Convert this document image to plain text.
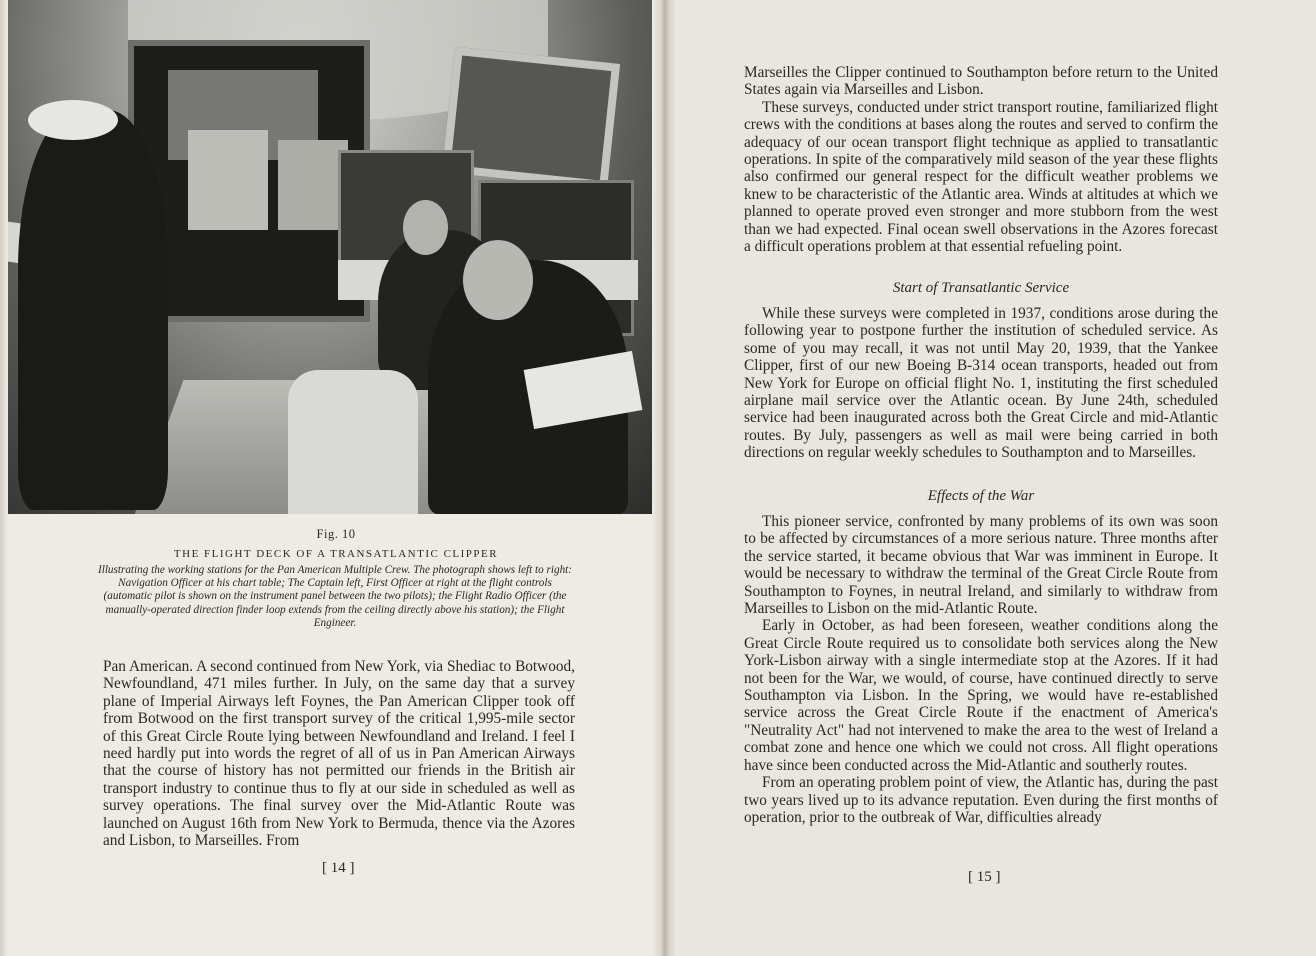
Fig. 10
THE FLIGHT DECK OF A TRANSATLANTIC CLIPPER
Illustrating the working stations for the Pan American Multiple Crew. The photograph shows left to right: Navigation Officer at his chart table; The Captain left, First Officer at right at the flight controls (automatic pilot is shown on the instrument panel between the two pilots); the Flight Radio Officer (the manually-operated direction finder loop extends from the ceiling directly above his station); the Flight Engineer.

Pan American. A second continued from New York, via Shediac to Botwood, Newfoundland, 471 miles further. In July, on the same day that a survey plane of Imperial Airways left Foynes, the Pan American Clipper took off from Botwood on the first transport survey of the critical 1,995-mile sector of this Great Circle Route lying between Newfoundland and Ireland. I feel I need hardly put into words the regret of all of us in Pan American Airways that the course of history has not permitted our friends in the British air transport industry to continue thus to fly at our side in scheduled as well as survey operations. The final survey over the Mid-Atlantic Route was launched on August 16th from New York to Bermuda, thence via the Azores and Lisbon, to Marseilles. From

[ 14 ]

Marseilles the Clipper continued to Southampton before return to the United States again via Marseilles and Lisbon.

These surveys, conducted under strict transport routine, familiarized flight crews with the conditions at bases along the routes and served to confirm the adequacy of our ocean transport flight technique as applied to transatlantic operations. In spite of the comparatively mild season of the year these flights also confirmed our general respect for the difficult weather problems we knew to be characteristic of the Atlantic area. Winds at altitudes at which we planned to operate proved even stronger and more stubborn from the west than we had expected. Final ocean swell observations in the Azores forecast a difficult operations problem at that essential refueling point.

Start of Transatlantic Service

While these surveys were completed in 1937, conditions arose during the following year to postpone further the institution of scheduled service. As some of you may recall, it was not until May 20, 1939, that the Yankee Clipper, first of our new Boeing B-314 ocean transports, headed out from New York for Europe on official flight No. 1, instituting the first scheduled airplane mail service over the Atlantic ocean. By June 24th, scheduled service had been inaugurated across both the Great Circle and mid-Atlantic routes. By July, passengers as well as mail were being carried in both directions on regular weekly schedules to Southampton and to Marseilles.

Effects of the War

This pioneer service, confronted by many problems of its own was soon to be affected by circumstances of a more serious nature. Three months after the service started, it became obvious that War was imminent in Europe. It would be necessary to withdraw the terminal of the Great Circle Route from Southampton to Foynes, in neutral Ireland, and similarly to withdraw from Marseilles to Lisbon on the mid-Atlantic Route.

Early in October, as had been foreseen, weather conditions along the Great Circle Route required us to consolidate both services along the New York-Lisbon airway with a single intermediate stop at the Azores. If it had not been for the War, we would, of course, have continued directly to serve Southampton via Lisbon. In the Spring, we would have re-established service across the Great Circle Route if the enactment of America's "Neutrality Act" had not intervened to make the area to the west of Ireland a combat zone and hence one which we could not cross. All flight operations have since been conducted across the Mid-Atlantic and southerly routes.

From an operating problem point of view, the Atlantic has, during the past two years lived up to its advance reputation. Even during the first months of operation, prior to the outbreak of War, difficulties already

[ 15 ]
